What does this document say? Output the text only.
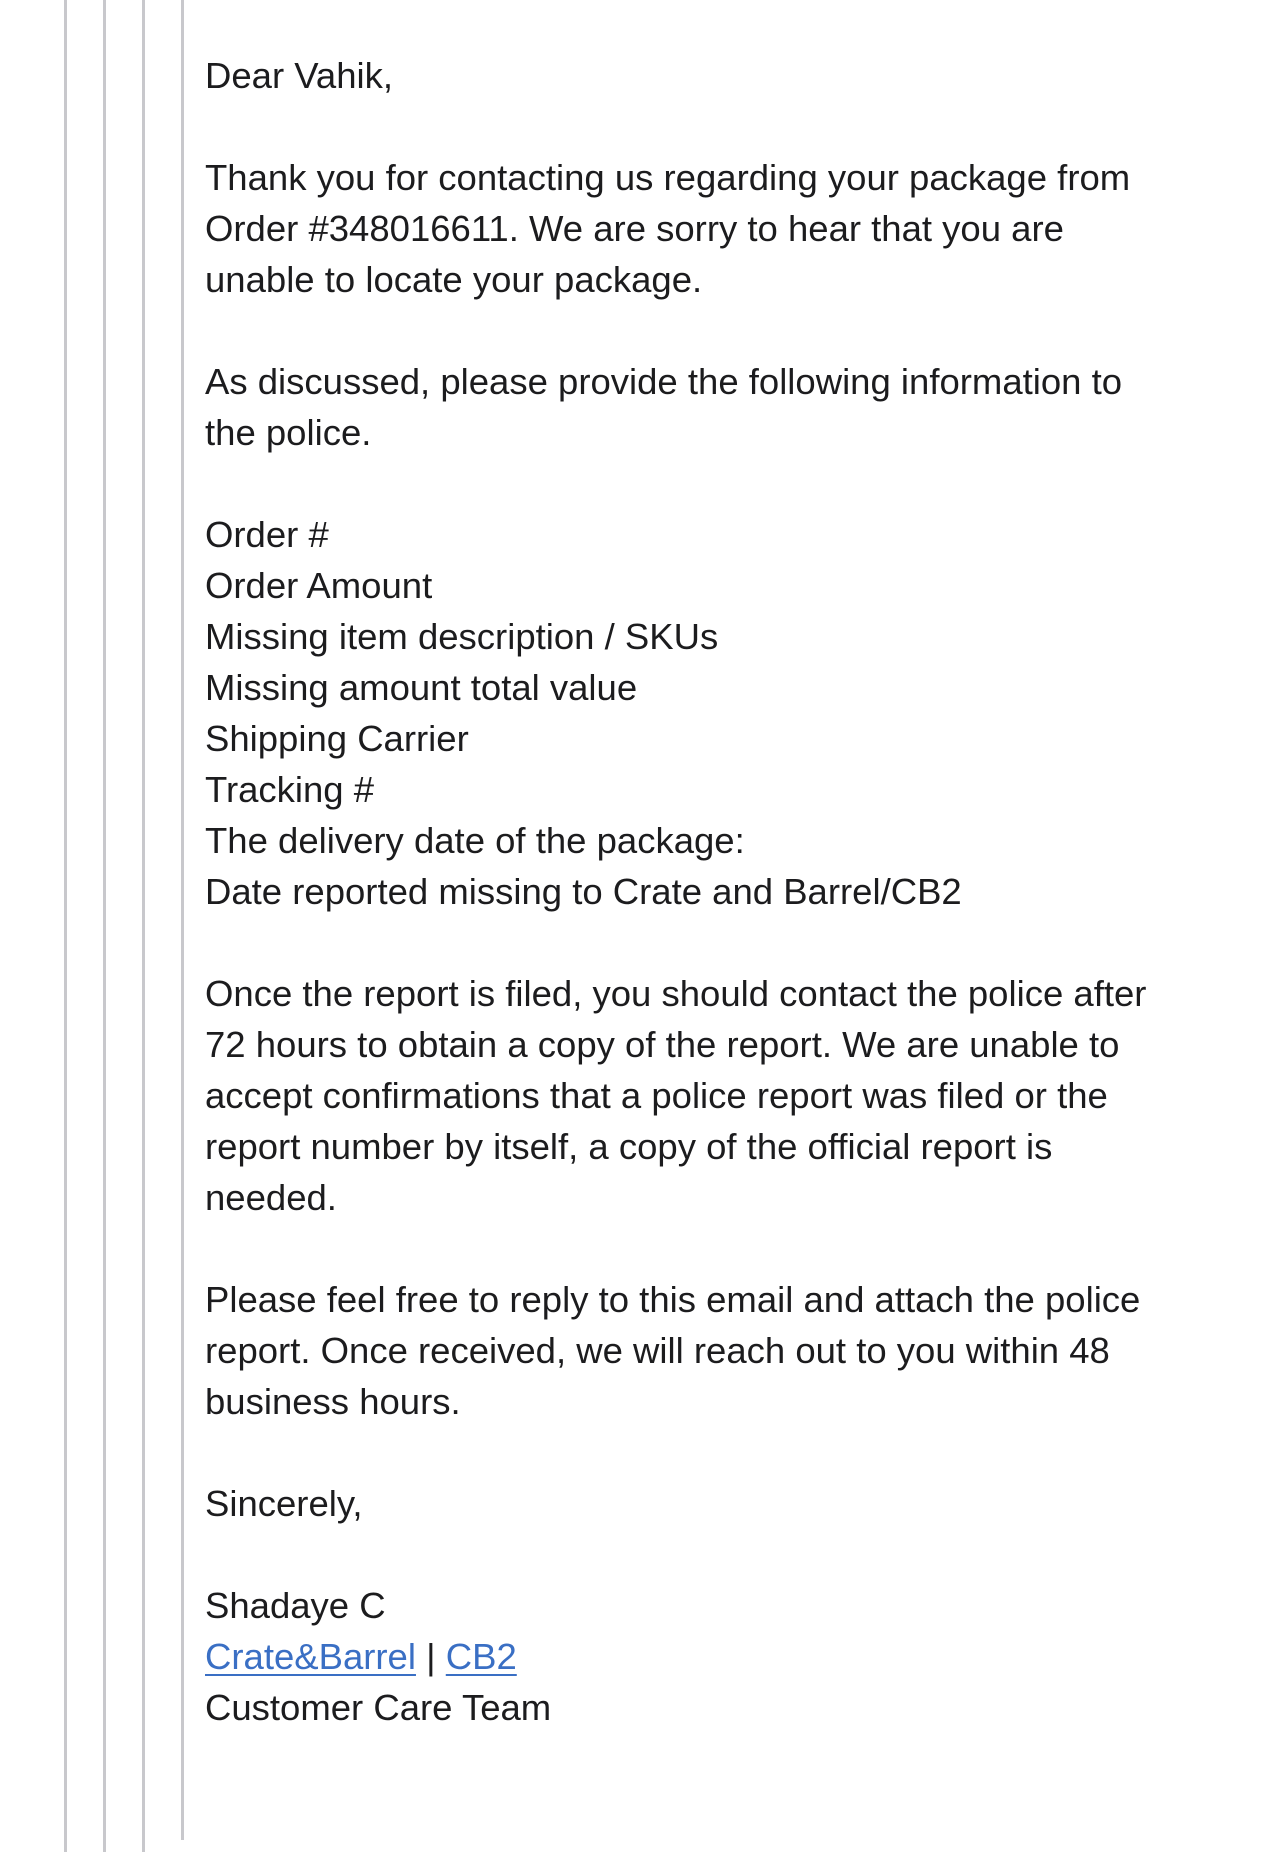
Dear Vahik,

Thank you for contacting us regarding your package from
Order #348016611. We are sorry to hear that you are
unable to locate your package.

As discussed, please provide the following information to
the police.

Order #
Order Amount
Missing item description / SKUs
Missing amount total value
Shipping Carrier
Tracking #
The delivery date of the package:
Date reported missing to Crate and Barrel/CB2

Once the report is filed, you should contact the police after
72 hours to obtain a copy of the report. We are unable to
accept confirmations that a police report was filed or the
report number by itself, a copy of the official report is
needed.

Please feel free to reply to this email and attach the police
report. Once received, we will reach out to you within 48
business hours.

Sincerely,

Shadaye C
Crate&Barrel | CB2
Customer Care Team
